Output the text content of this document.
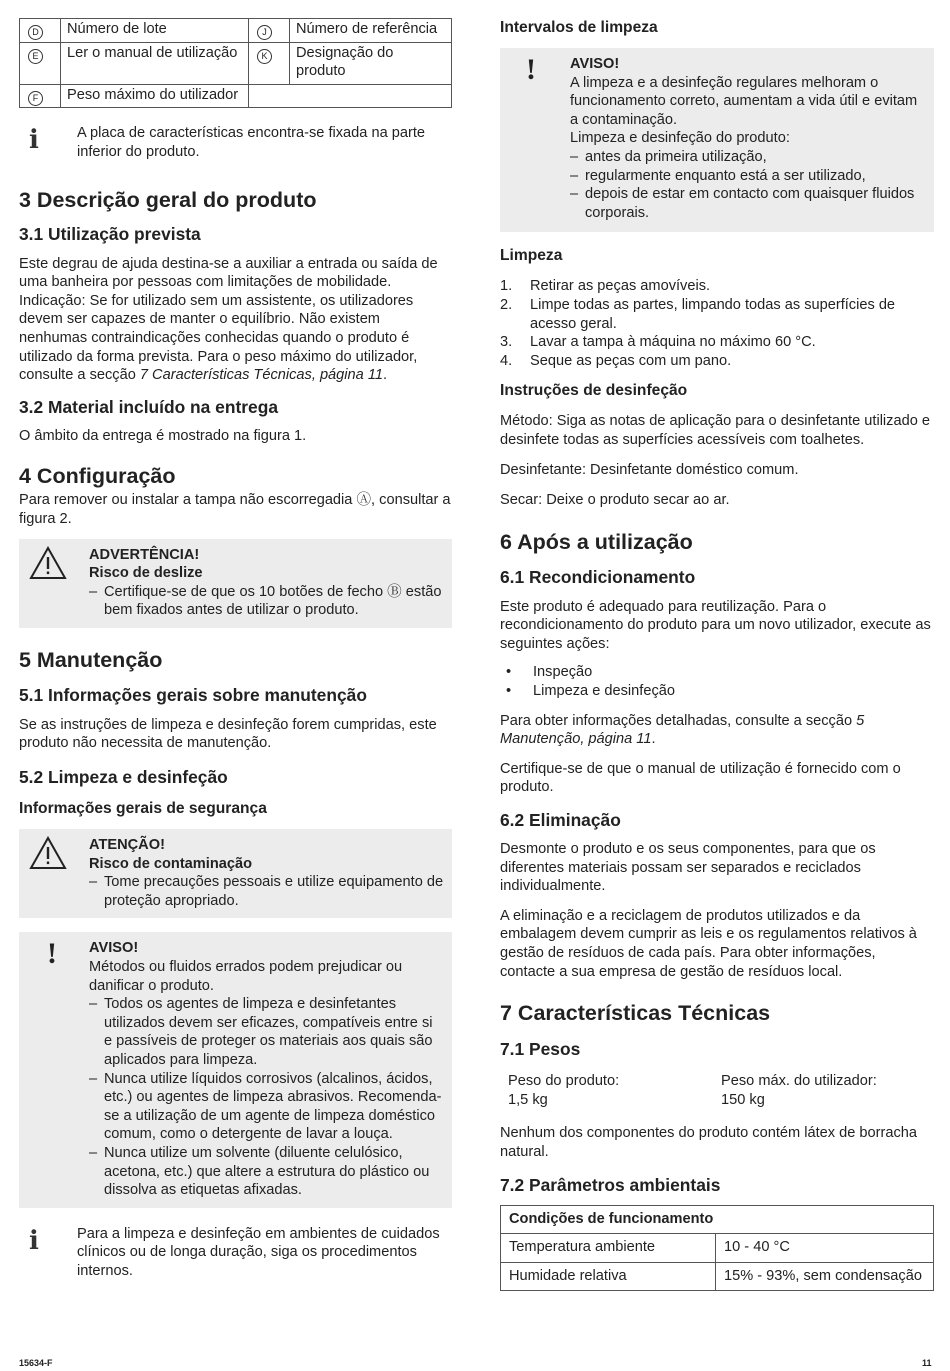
D	Número de lote	J	Número de referência
E	Ler o manual de utilização	K	Designação do produto
F	Peso máximo do utilizador		
ℹ	A placa de características encontra-se fixada na parte inferior do produto.

3 Descrição geral do produto
3.1 Utilização prevista

Este degrau de ajuda destina-se a auxiliar a entrada ou saída de uma banheira por pessoas com limitações de mobilidade. Indicação: Se for utilizado sem um assistente, os utilizadores devem ser capazes de manter o equilíbrio. Não existem nenhumas contraindicações conhecidas quando o produto é utilizado da forma prevista. Para o peso máximo do utilizador, consulte a secção 7 Características Técnicas, página 11.

3.2 Material incluído na entrega

O âmbito da entrega é mostrado na figura 1.

4 Configuração

Para remover ou instalar a tampa não escorregadia Ⓐ, consultar a figura 2.

ADVERTÊNCIA!

Risco de deslize

– Certifique-se de que os 10 botões de fecho Ⓑ estão bem fixados antes de utilizar o produto.
5 Manutenção
5.1 Informações gerais sobre manutenção

Se as instruções de limpeza e desinfeção forem cumpridas, este produto não necessita de manutenção.

5.2 Limpeza e desinfeção
Informações gerais de segurança

ATENÇÃO!

Risco de contaminação

– Tome precauções pessoais e utilize equipamento de proteção apropriado.
!	AVISO!

Métodos ou fluidos errados podem prejudicar ou danificar o produto.

– Todos os agentes de limpeza e desinfetantes utilizados devem ser eficazes, compatíveis entre si e passíveis de proteger os materiais aos quais são aplicados para limpeza.
– Nunca utilize líquidos corrosivos (alcalinos, ácidos, etc.) ou agentes de limpeza abrasivos. Recomenda-se a utilização de um agente de limpeza doméstico comum, como o detergente de lavar a louça.
– Nunca utilize um solvente (diluente celulósico, acetona, etc.) que altere a estrutura do plástico ou dissolva as etiquetas afixadas.
ℹ	Para a limpeza e desinfeção em ambientes de cuidados clínicos ou de longa duração, siga os procedimentos internos.

Intervalos de limpeza
!	AVISO!

A limpeza e a desinfeção regulares melhoram o funcionamento correto, aumentam a vida útil e evitam a contaminação.

Limpeza e desinfeção do produto:

– antes da primeira utilização,
– regularmente enquanto está a ser utilizado,
– depois de estar em contacto com quaisquer fluidos corporais.
Limpeza
1. Retirar as peças amovíveis.
2. Limpe todas as partes, limpando todas as superfícies de acesso geral.
3. Lavar a tampa à máquina no máximo 60 °C.
4. Seque as peças com um pano.
Instruções de desinfeção

Método: Siga as notas de aplicação para o desinfetante utilizado e desinfete todas as superfícies acessíveis com toalhetes.

Desinfetante: Desinfetante doméstico comum.

Secar: Deixe o produto secar ao ar.

6 Após a utilização
6.1 Recondicionamento

Este produto é adequado para reutilização. Para o recondicionamento do produto para um novo utilizador, execute as seguintes ações:

• Inspeção
• Limpeza e desinfeção

Para obter informações detalhadas, consulte a secção 5 Manutenção, página 11.

Certifique-se de que o manual de utilização é fornecido com o produto.

6.2 Eliminação

Desmonte o produto e os seus componentes, para que os diferentes materiais possam ser separados e reciclados individualmente.

A eliminação e a reciclagem de produtos utilizados e da embalagem devem cumprir as leis e os regulamentos relativos à gestão de resíduos de cada país. Para obter informações, contacte a sua empresa de gestão de resíduos local.

7 Características Técnicas
7.1 Pesos

Peso do produto:

1,5 kg

Peso máx. do utilizador:

150 kg

Nenhum dos componentes do produto contém látex de borracha natural.

7.2 Parâmetros ambientais
Condições de funcionamento	
Temperatura ambiente	10 - 40 °C
Humidade relativa	15% - 93%, sem condensação
15634-F	11
